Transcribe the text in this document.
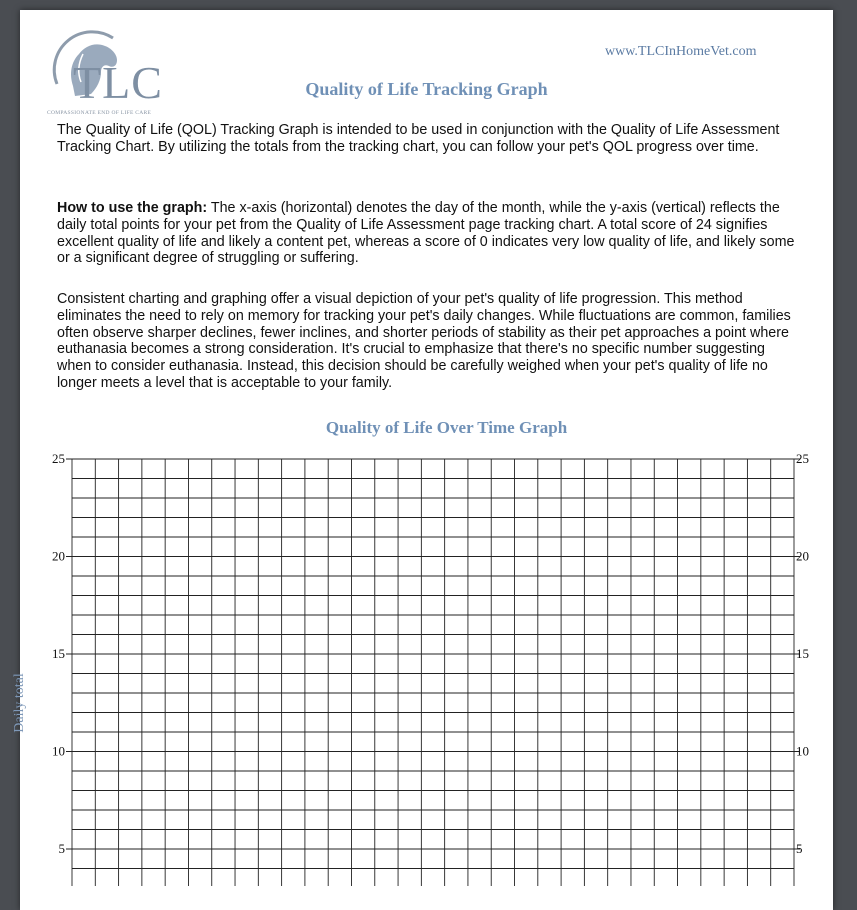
TLC
COMPASSIONATE END OF LIFE CARE
www.TLCInHomeVet.com
Quality of Life Tracking Graph
The Quality of Life (QOL) Tracking Graph is intended to be used in conjunction with the Quality of Life Assessment Tracking Chart. By utilizing the totals from the tracking chart, you can follow your pet's QOL progress over time.
How to use the graph: The x-axis (horizontal) denotes the day of the month, while the y-axis (vertical) reflects the daily total points for your pet from the Quality of Life Assessment page tracking chart. A total score of 24 signifies excellent quality of life and likely a content pet, whereas a score of 0 indicates very low quality of life, and likely some or a significant degree of struggling or suffering.
Consistent charting and graphing offer a visual depiction of your pet's quality of life progression. This method eliminates the need to rely on memory for tracking your pet's daily changes. While fluctuations are common, families often observe sharper declines, fewer inclines, and shorter periods of stability as their pet approaches a point where euthanasia becomes a strong consideration. It's crucial to emphasize that there's no specific number suggesting when to consider euthanasia. Instead, this decision should be carefully weighed when your pet's quality of life no longer meets a level that is acceptable to your family.
Quality of Life Over Time Graph
Daily total
25	25
20	20
15	15
10	10
5	5
